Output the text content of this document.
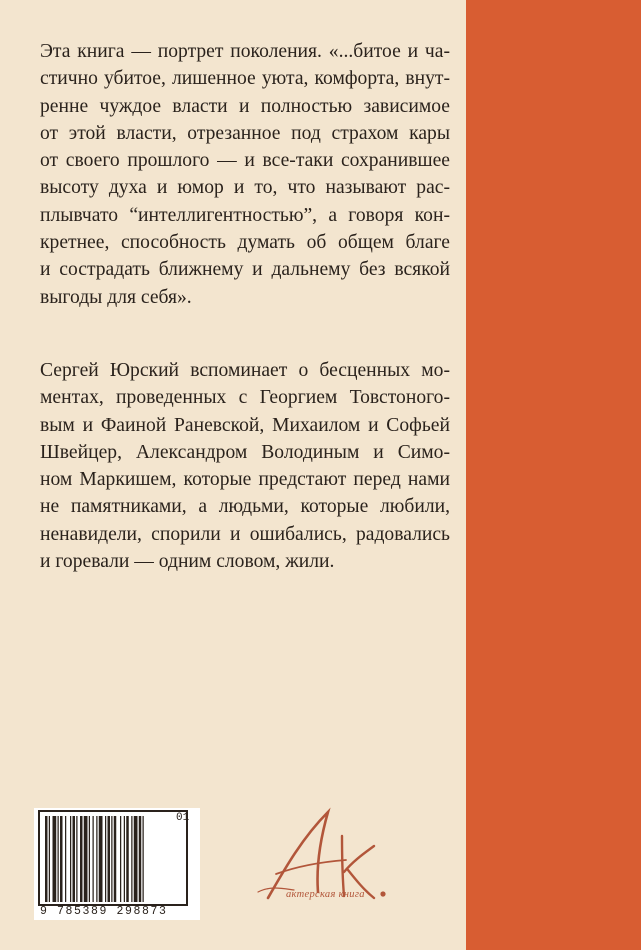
Эта книга — портрет поколения. «...битое и ча-
стично убитое, лишенное уюта, комфорта, внут-
ренне чуждое власти и полностью зависимое
от этой власти, отрезанное под страхом кары
от своего прошлого — и все-таки сохранившее
высоту духа и юмор и то, что называют рас-
плывчато “интеллигентностью”, а говоря кон-
кретнее, способность думать об общем благе
и сострадать ближнему и дальнему без всякой
выгоды для себя».
Сергей Юрский вспоминает о бесценных мо-
ментах, проведенных с Георгием Товстоного-
вым и Фаиной Раневской, Михаилом и Софьей
Швейцер, Александром Володиным и Симо-
ном Маркишем, которые предстают перед нами
не памятниками, а людьми, которые любили,
ненавидели, спорили и ошибались, радовались
и горевали — одним словом, жили.
01
9 785389 298873
актерская книга
